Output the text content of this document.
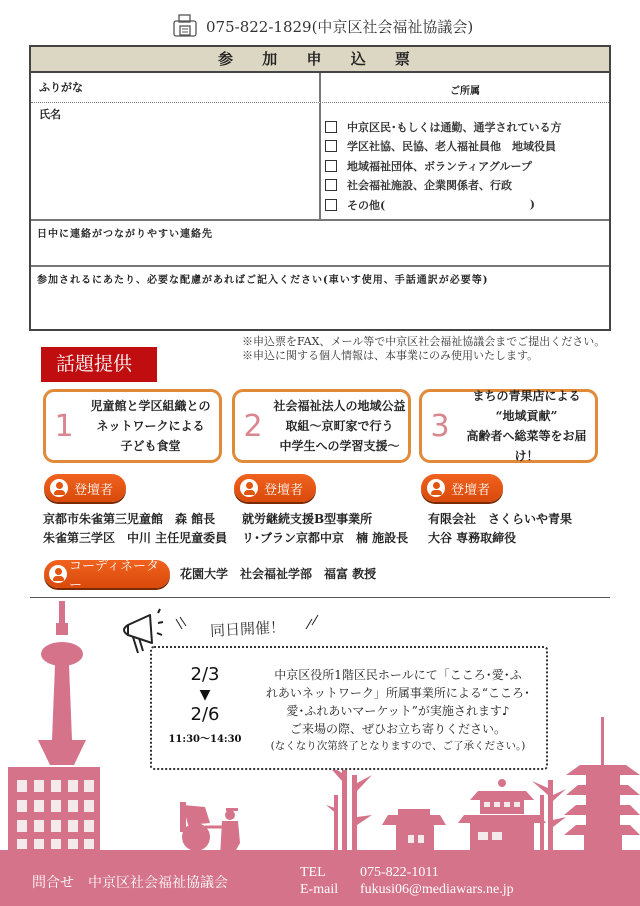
075-822-1829(中京区社会福祉協議会)
参 加 申 込 票
ふりがな	ご所属
氏名
中京区民･もしくは通勤、通学されている方
学区社協、民協、老人福祉員他　地域役員
地域福祉団体、ボランティアグループ
社会福祉施設、企業関係者、行政
その他(	)
日中に連絡がつながりやすい連絡先
参加されるにあたり、必要な配慮があればご記入ください(車いす使用、手話通訳が必要等)
※申込票をFAX、メール等で中京区社会福祉協議会までご提出ください。
※申込に関する個人情報は、本事業にのみ使用いたします。
話題提供
1
児童館と学区組織との
ネットワークによる
子ども食堂
2
社会福祉法人の地域公益
取組～京町家で行う
中学生への学習支援～
3
まちの青果店による
“地域貢献”
高齢者へ総菜等をお届け！
登壇者	登壇者	登壇者
京都市朱雀第三児童館　森 館長
朱雀第三学区　中川 主任児童委員
就労継続支援B型事業所
リ･ブラン京都中京　楠 施設長
有限会社　さくらいや青果
大谷 専務取締役
コーディネーター
花園大学　社会福祉学部　福富 教授
同日開催！
2/3
▼
2/6
11:30～14:30
中京区役所1階区民ホールにて「こころ･愛･ふ
れあいネットワーク」所属事業所による“こころ･
愛･ふれあいマーケット”が実施されます♪
ご来場の際、ぜひお立ち寄りください。
(なくなり次第終了となりますので、ご了承ください。)
問合せ　中京区社会福祉協議会
TEL 075-822-1011
E-mail fukusi06@mediawars.ne.jp
